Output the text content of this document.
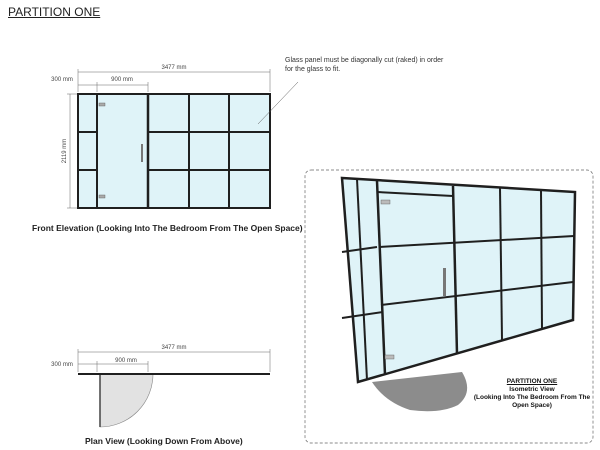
PARTITION ONE
3477 mm
300 mm	900 mm
2119 mm
3477 mm
300 mm
900 mm
Glass panel must be diagonally cut (raked) in order for the glass to fit.
Front Elevation (Looking Into The Bedroom From The Open Space)
Plan View (Looking Down From Above)
PARTITION ONE
Isometric View
(Looking Into The Bedroom From The Open Space)
